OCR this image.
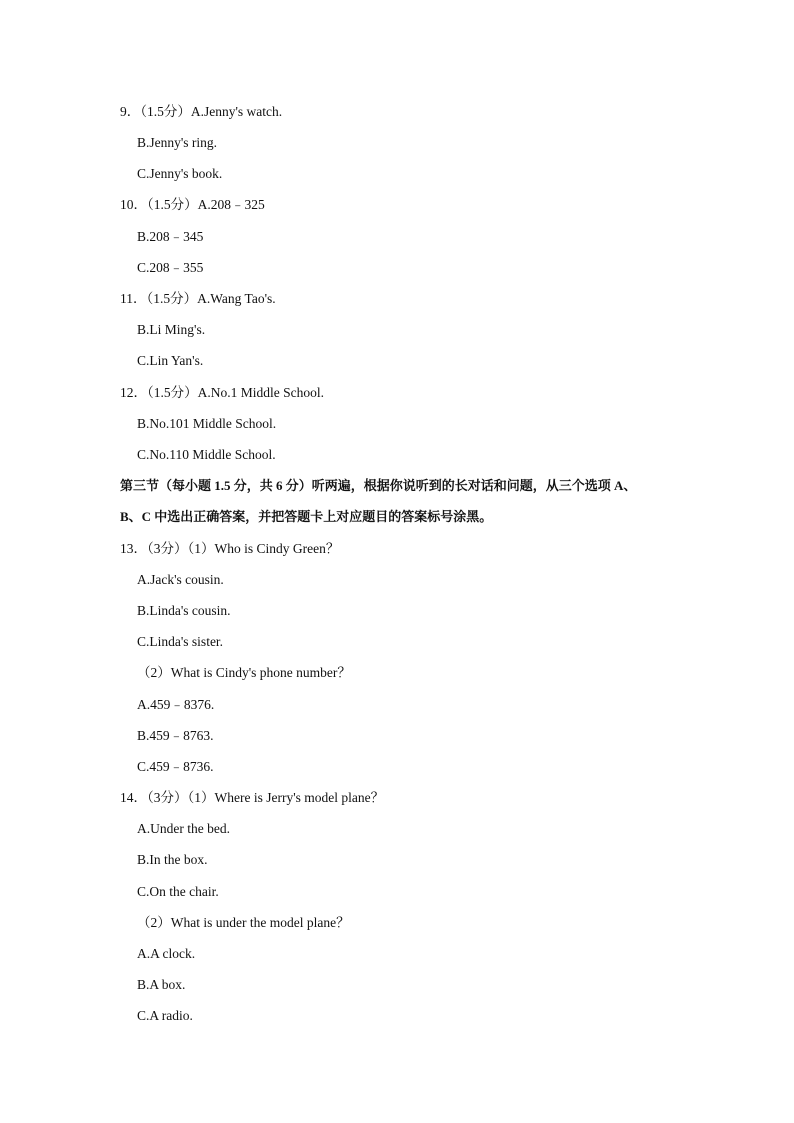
9．（1.5分）A.Jenny's watch.
B.Jenny's ring.
C.Jenny's book.
10．（1.5分）A.208﹣325
B.208﹣345
C.208﹣355
11．（1.5分）A.Wang Tao's.
B.Li Ming's.
C.Lin Yan's.
12．（1.5分）A.No.1 Middle School.
B.No.101 Middle School.
C.No.110 Middle School.
第三节（每小题 1.5 分，共 6 分）听两遍，根据你说听到的长对话和问题，从三个选项 A、
B、C 中选出正确答案，并把答题卡上对应题目的答案标号涂黑。
13．（3分）（1）Who is Cindy Green？
A.Jack's cousin.
B.Linda's cousin.
C.Linda's sister.
（2）What is Cindy's phone number？
A.459﹣8376.
B.459﹣8763.
C.459﹣8736.
14．（3分）（1）Where is Jerry's model plane？
A.Under the bed.
B.In the box.
C.On the chair.
（2）What is under the model plane？
A.A clock.
B.A box.
C.A radio.
